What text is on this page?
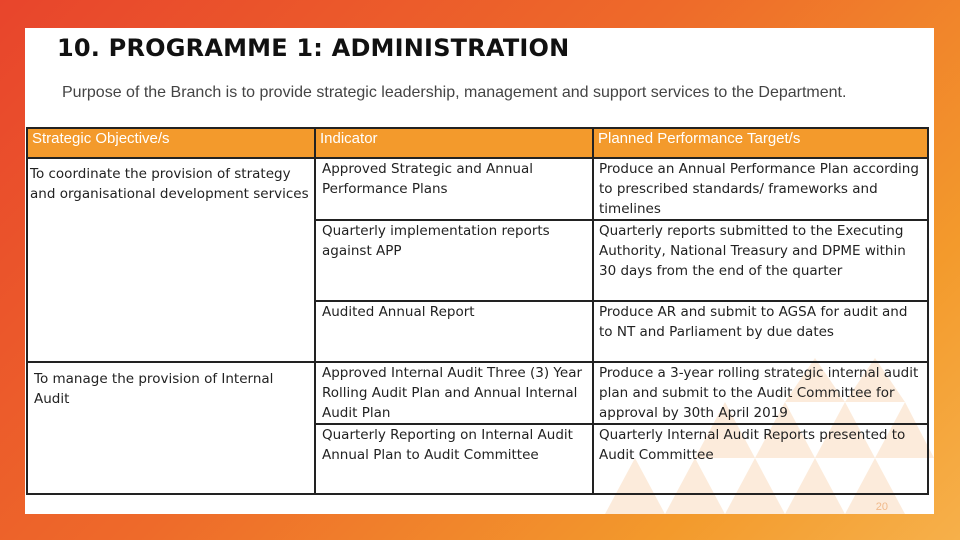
10. PROGRAMME 1: ADMINISTRATION
Purpose of the Branch is to provide strategic leadership, management and support services to the Department.
Strategic Objective/s	Indicator	Planned Performance Target/s
To coordinate the provision of strategy and organisational development services	Approved Strategic and Annual Performance Plans	Produce an Annual Performance Plan according to prescribed standards/ frameworks and timelines
	Quarterly implementation reports against APP	Quarterly reports submitted to the Executing Authority, National Treasury and DPME within 30 days from the end of the quarter
	Audited Annual Report	Produce AR and submit to AGSA for audit and to NT and Parliament by due dates
To manage the provision of Internal Audit	Approved Internal Audit Three (3) Year Rolling Audit Plan and Annual Internal Audit Plan	Produce a 3-year rolling strategic internal audit plan and submit to the Audit Committee for approval by 30th April 2019
	Quarterly Reporting on Internal Audit Annual Plan to Audit Committee	Quarterly Internal Audit Reports presented to Audit Committee
20
